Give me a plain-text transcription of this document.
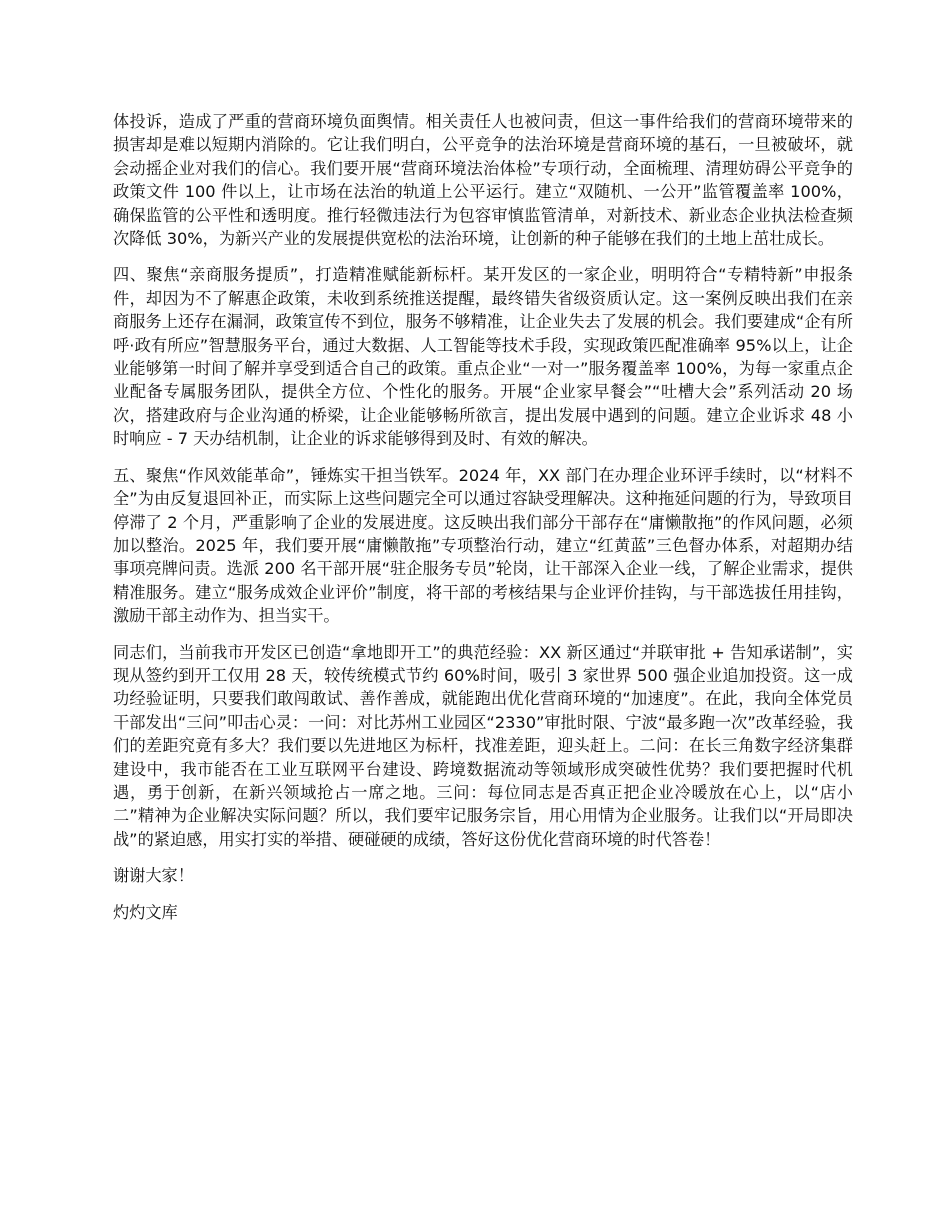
体投诉，造成了严重的营商环境负面舆情。相关责任人也被问责，但这一事件给我们的营商环境带来的损害却是难以短期内消除的。它让我们明白，公平竞争的法治环境是营商环境的基石，一旦被破坏，就会动摇企业对我们的信心。我们要开展“营商环境法治体检”专项行动，全面梳理、清理妨碍公平竞争的政策文件 100 件以上，让市场在法治的轨道上公平运行。建立“双随机、一公开”监管覆盖率 100%，确保监管的公平性和透明度。推行轻微违法行为包容审慎监管清单，对新技术、新业态企业执法检查频次降低 30%，为新兴产业的发展提供宽松的法治环境，让创新的种子能够在我们的土地上茁壮成长。

四、聚焦“亲商服务提质”，打造精准赋能新标杆。某开发区的一家企业，明明符合“专精特新”申报条件，却因为不了解惠企政策，未收到系统推送提醒，最终错失省级资质认定。这一案例反映出我们在亲商服务上还存在漏洞，政策宣传不到位，服务不够精准，让企业失去了发展的机会。我们要建成“企有所呼·政有所应”智慧服务平台，通过大数据、人工智能等技术手段，实现政策匹配准确率 95%以上，让企业能够第一时间了解并享受到适合自己的政策。重点企业“一对一”服务覆盖率 100%，为每一家重点企业配备专属服务团队，提供全方位、个性化的服务。开展“企业家早餐会”“吐槽大会”系列活动 20 场次，搭建政府与企业沟通的桥梁，让企业能够畅所欲言，提出发展中遇到的问题。建立企业诉求 48 小时响应 - 7 天办结机制，让企业的诉求能够得到及时、有效的解决。

五、聚焦“作风效能革命”，锤炼实干担当铁军。2024 年，XX 部门在办理企业环评手续时，以“材料不全”为由反复退回补正，而实际上这些问题完全可以通过容缺受理解决。这种拖延问题的行为，导致项目停滞了 2 个月，严重影响了企业的发展进度。这反映出我们部分干部存在“庸懒散拖”的作风问题，必须加以整治。2025 年，我们要开展“庸懒散拖”专项整治行动，建立“红黄蓝”三色督办体系，对超期办结事项亮牌问责。选派 200 名干部开展“驻企服务专员”轮岗，让干部深入企业一线，了解企业需求，提供精准服务。建立“服务成效企业评价”制度，将干部的考核结果与企业评价挂钩，与干部选拔任用挂钩，激励干部主动作为、担当实干。

同志们，当前我市开发区已创造“拿地即开工”的典范经验：XX 新区通过“并联审批 + 告知承诺制”，实现从签约到开工仅用 28 天，较传统模式节约 60%时间，吸引 3 家世界 500 强企业追加投资。这一成功经验证明，只要我们敢闯敢试、善作善成，就能跑出优化营商环境的“加速度”。在此，我向全体党员干部发出“三问”叩击心灵：一问：对比苏州工业园区“2330”审批时限、宁波“最多跑一次”改革经验，我们的差距究竟有多大？我们要以先进地区为标杆，找准差距，迎头赶上。二问：在长三角数字经济集群建设中，我市能否在工业互联网平台建设、跨境数据流动等领域形成突破性优势？我们要把握时代机遇，勇于创新，在新兴领域抢占一席之地。三问：每位同志是否真正把企业冷暖放在心上，以“店小二”精神为企业解决实际问题？所以，我们要牢记服务宗旨，用心用情为企业服务。让我们以“开局即决战”的紧迫感，用实打实的举措、硬碰硬的成绩，答好这份优化营商环境的时代答卷！

谢谢大家！

灼灼文库
